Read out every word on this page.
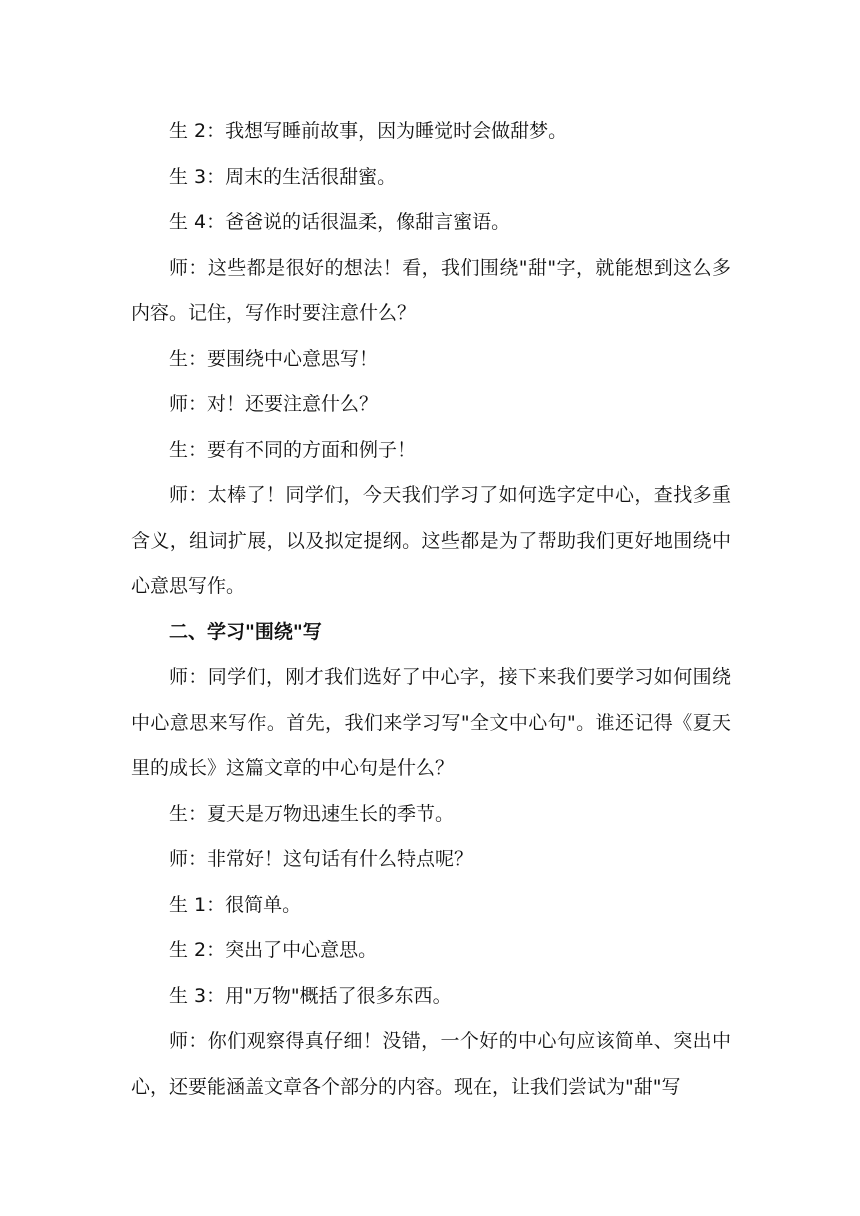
生 2：我想写睡前故事，因为睡觉时会做甜梦。

生 3：周末的生活很甜蜜。

生 4：爸爸说的话很温柔，像甜言蜜语。

师：这些都是很好的想法！看，我们围绕"甜"字，就能想到这么多内容。记住，写作时要注意什么？

生：要围绕中心意思写！

师：对！还要注意什么？

生：要有不同的方面和例子！

师：太棒了！同学们，今天我们学习了如何选字定中心，查找多重含义，组词扩展，以及拟定提纲。这些都是为了帮助我们更好地围绕中心意思写作。

二、学习"围绕"写

师：同学们，刚才我们选好了中心字，接下来我们要学习如何围绕中心意思来写作。首先，我们来学习写"全文中心句"。谁还记得《夏天里的成长》这篇文章的中心句是什么？

生：夏天是万物迅速生长的季节。

师：非常好！这句话有什么特点呢？

生 1：很简单。

生 2：突出了中心意思。

生 3：用"万物"概括了很多东西。

师：你们观察得真仔细！没错，一个好的中心句应该简单、突出中心，还要能涵盖文章各个部分的内容。现在，让我们尝试为"甜"写
